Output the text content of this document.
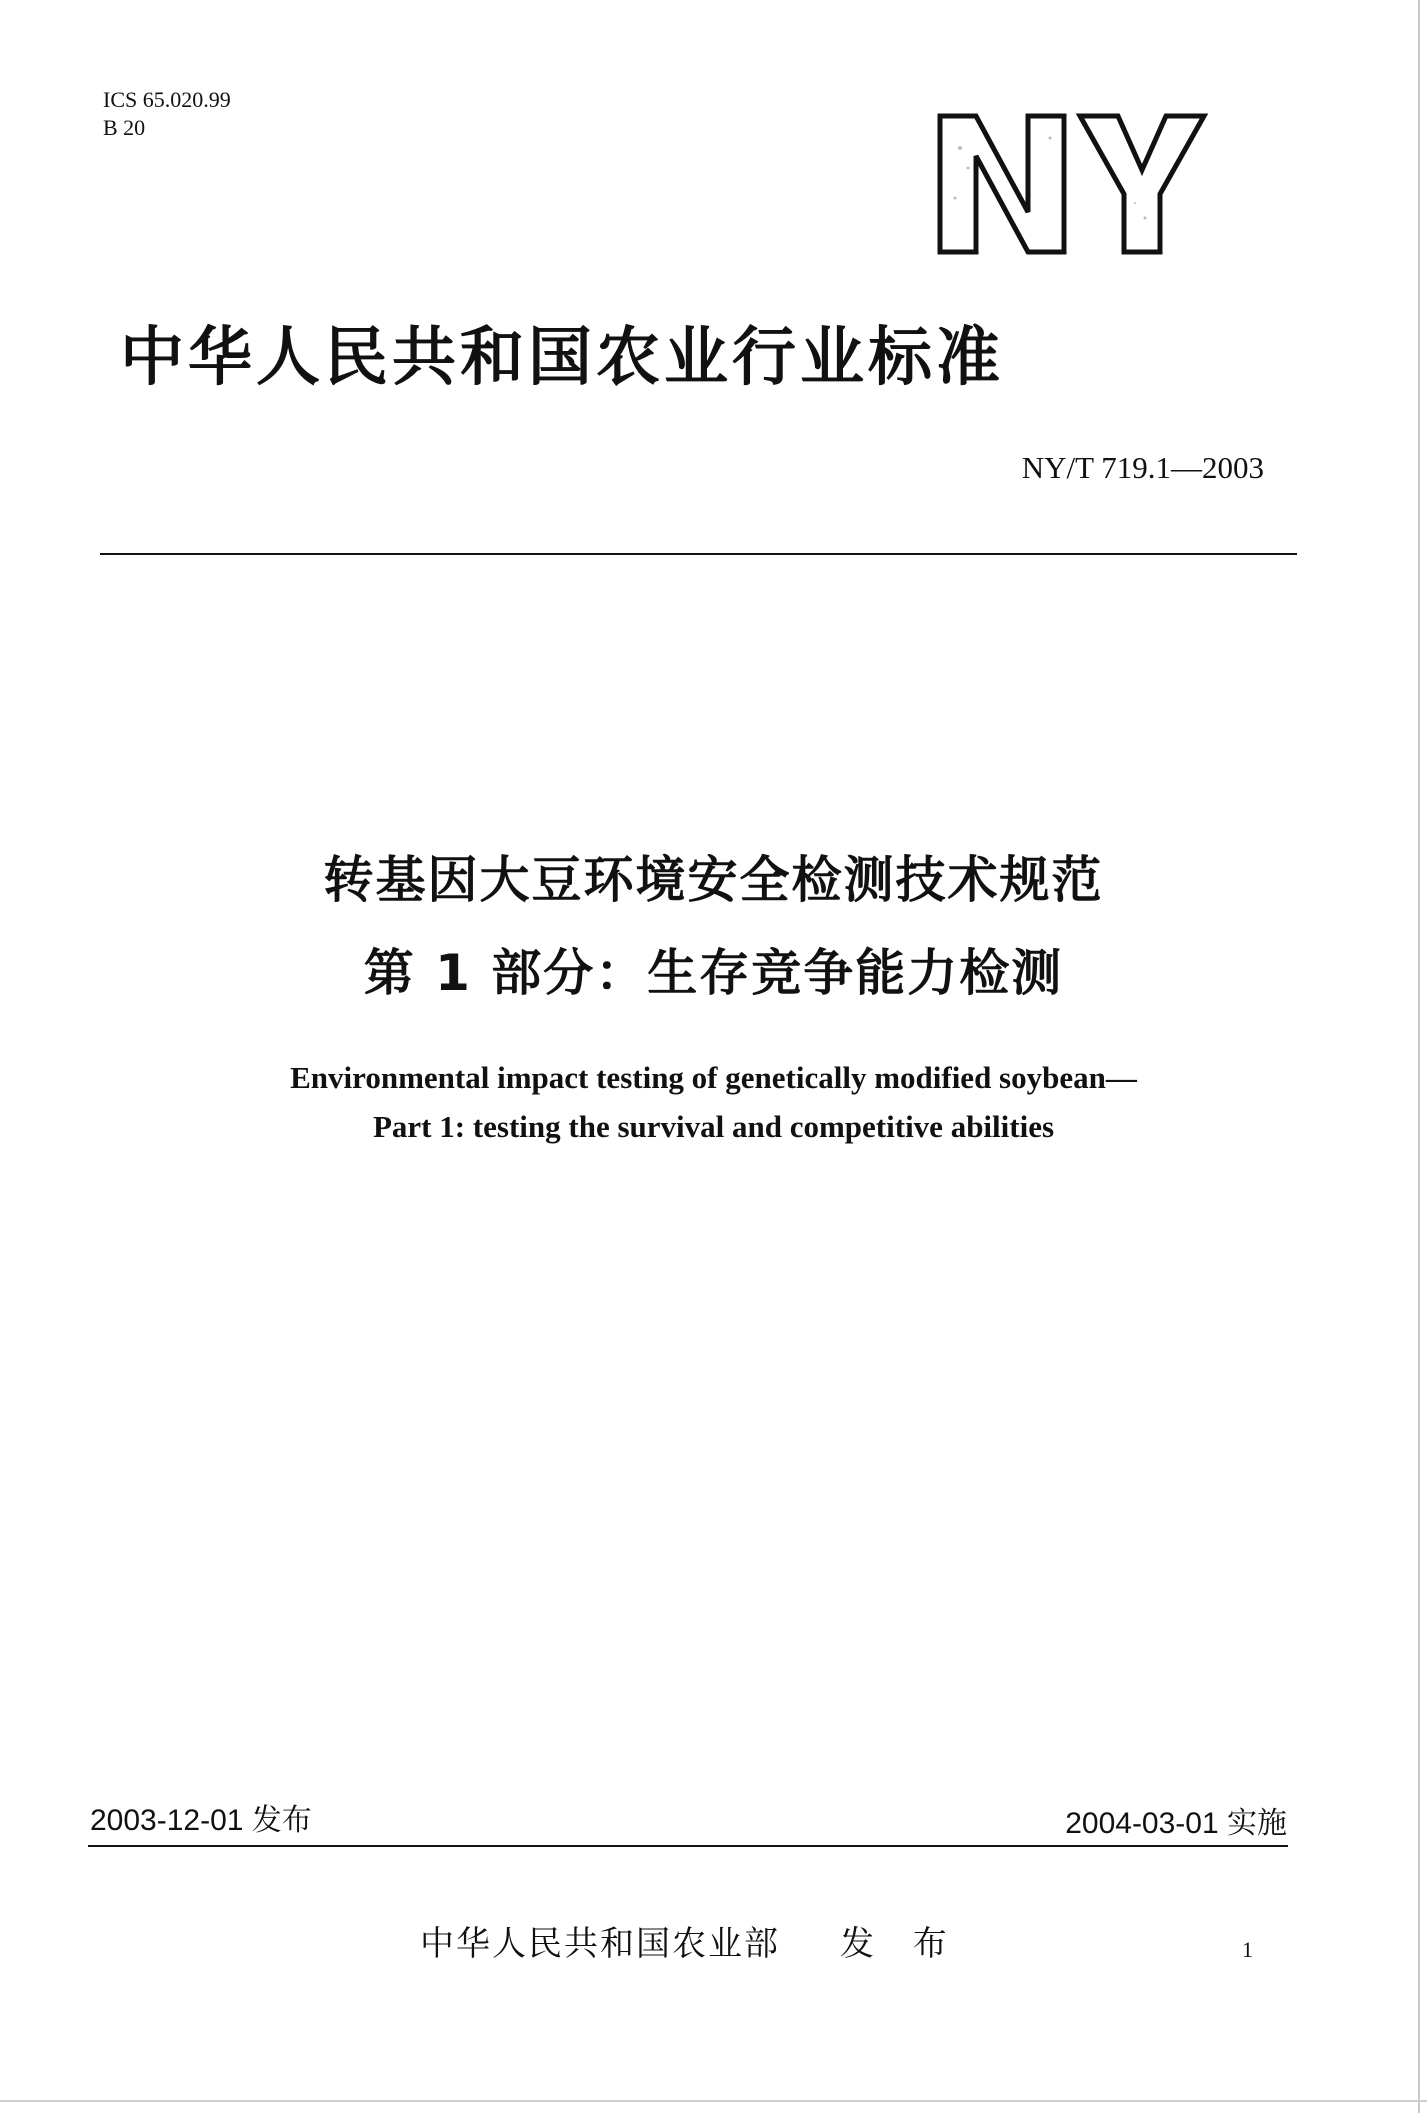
ICS 65.020.99
B 20
中华人民共和国农业行业标准
NY/T 719.1—2003
转基因大豆环境安全检测技术规范
第 1 部分：生存竞争能力检测
Environmental impact testing of genetically modified soybean—
Part 1: testing the survival and competitive abilities
2003-12-01 发布	2004-03-01 实施
中华人民共和国农业部 发 布	1
